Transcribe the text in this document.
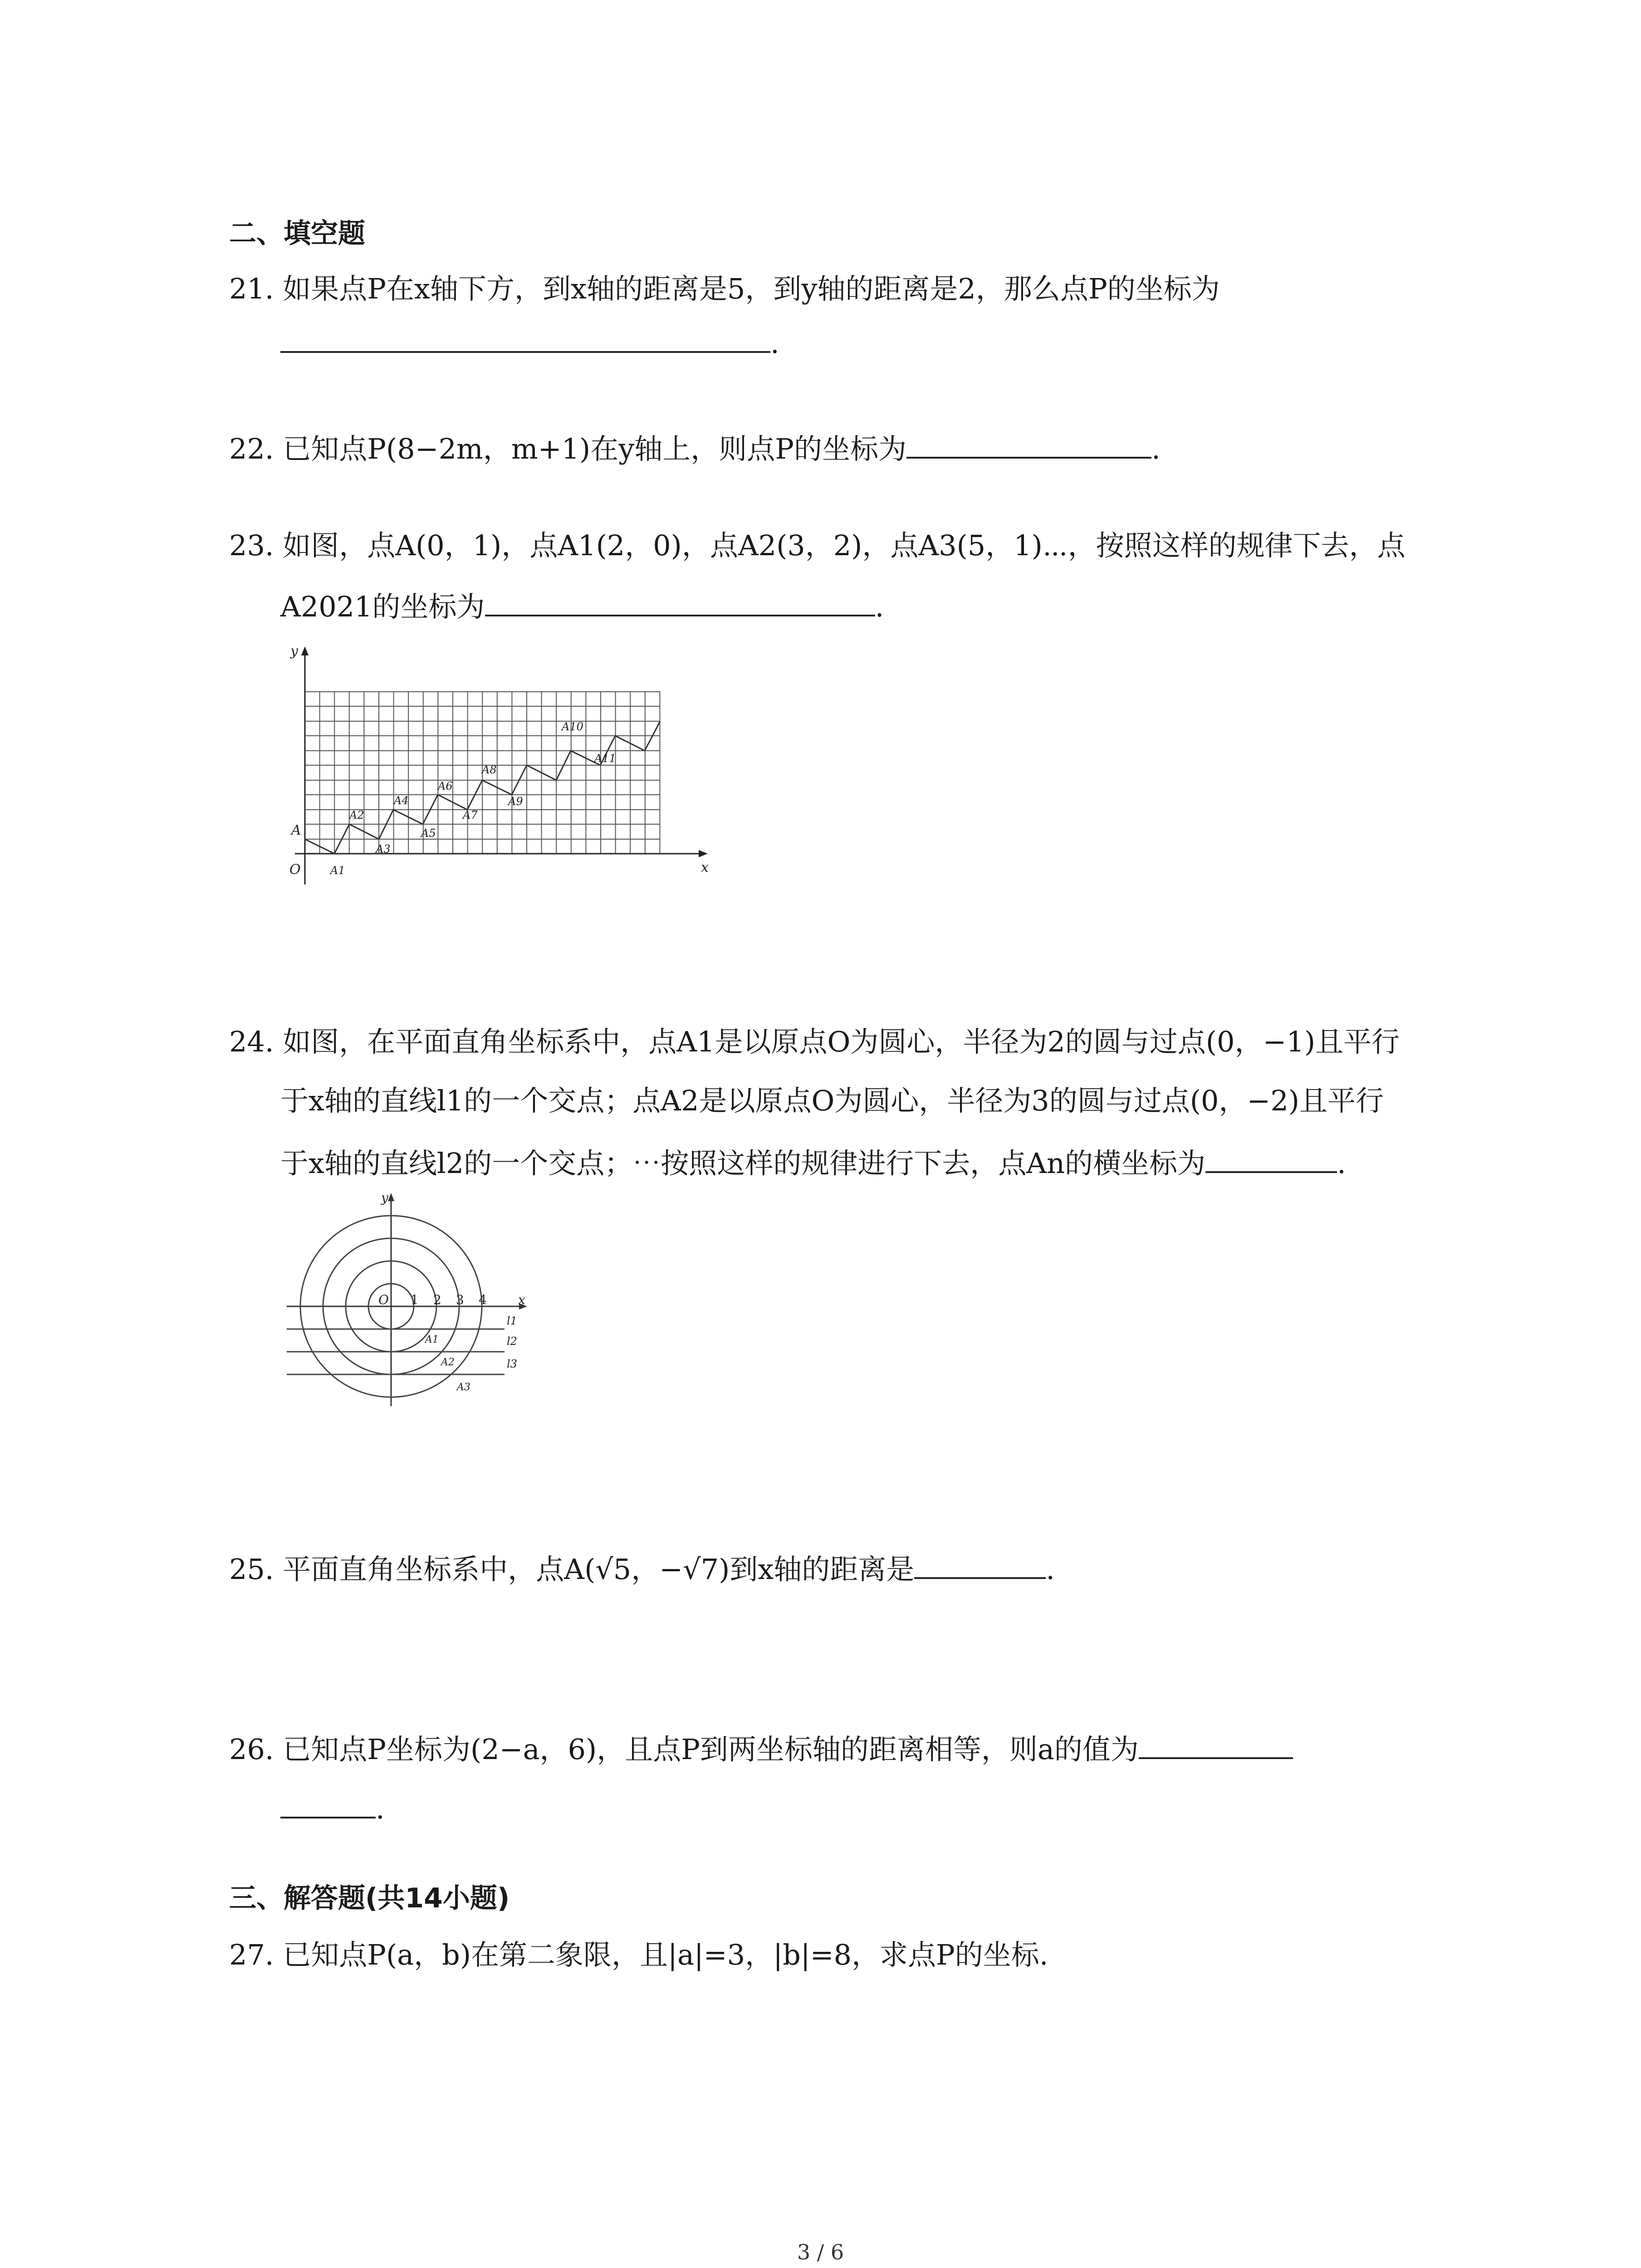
二、填空题
21. 如果点P在x轴下方，到x轴的距离是5，到y轴的距离是2，那么点P的坐标为
.
22. 已知点P(8−2m，m+1)在y轴上，则点P的坐标为	.
23. 如图，点A(0，1)，点A1(2，0)，点A2(3，2)，点A3(5，1)⋯，按照这样的规律下去，点
A2021的坐标为	.
y
x
O
A
A1
A2
A3
A4
A5
A6
A7
A8
A9
A10
A11
24. 如图，在平面直角坐标系中，点A1是以原点O为圆心，半径为2的圆与过点(0，−1)且平行
于x轴的直线l1的一个交点；点A2是以原点O为圆心，半径为3的圆与过点(0，−2)且平行
于x轴的直线l2的一个交点；⋯按照这样的规律进行下去，点An的横坐标为	.
y
x
O 1 2 3 4
l1
l2
l3
A1
A2
A3
25. 平面直角坐标系中，点A(√5，−√7)到x轴的距离是	.
26. 已知点P坐标为(2−a，6)，且点P到两坐标轴的距离相等，则a的值为
.
三、解答题(共14小题)
27. 已知点P(a，b)在第二象限，且|a|=3，|b|=8，求点P的坐标.
3 / 6
